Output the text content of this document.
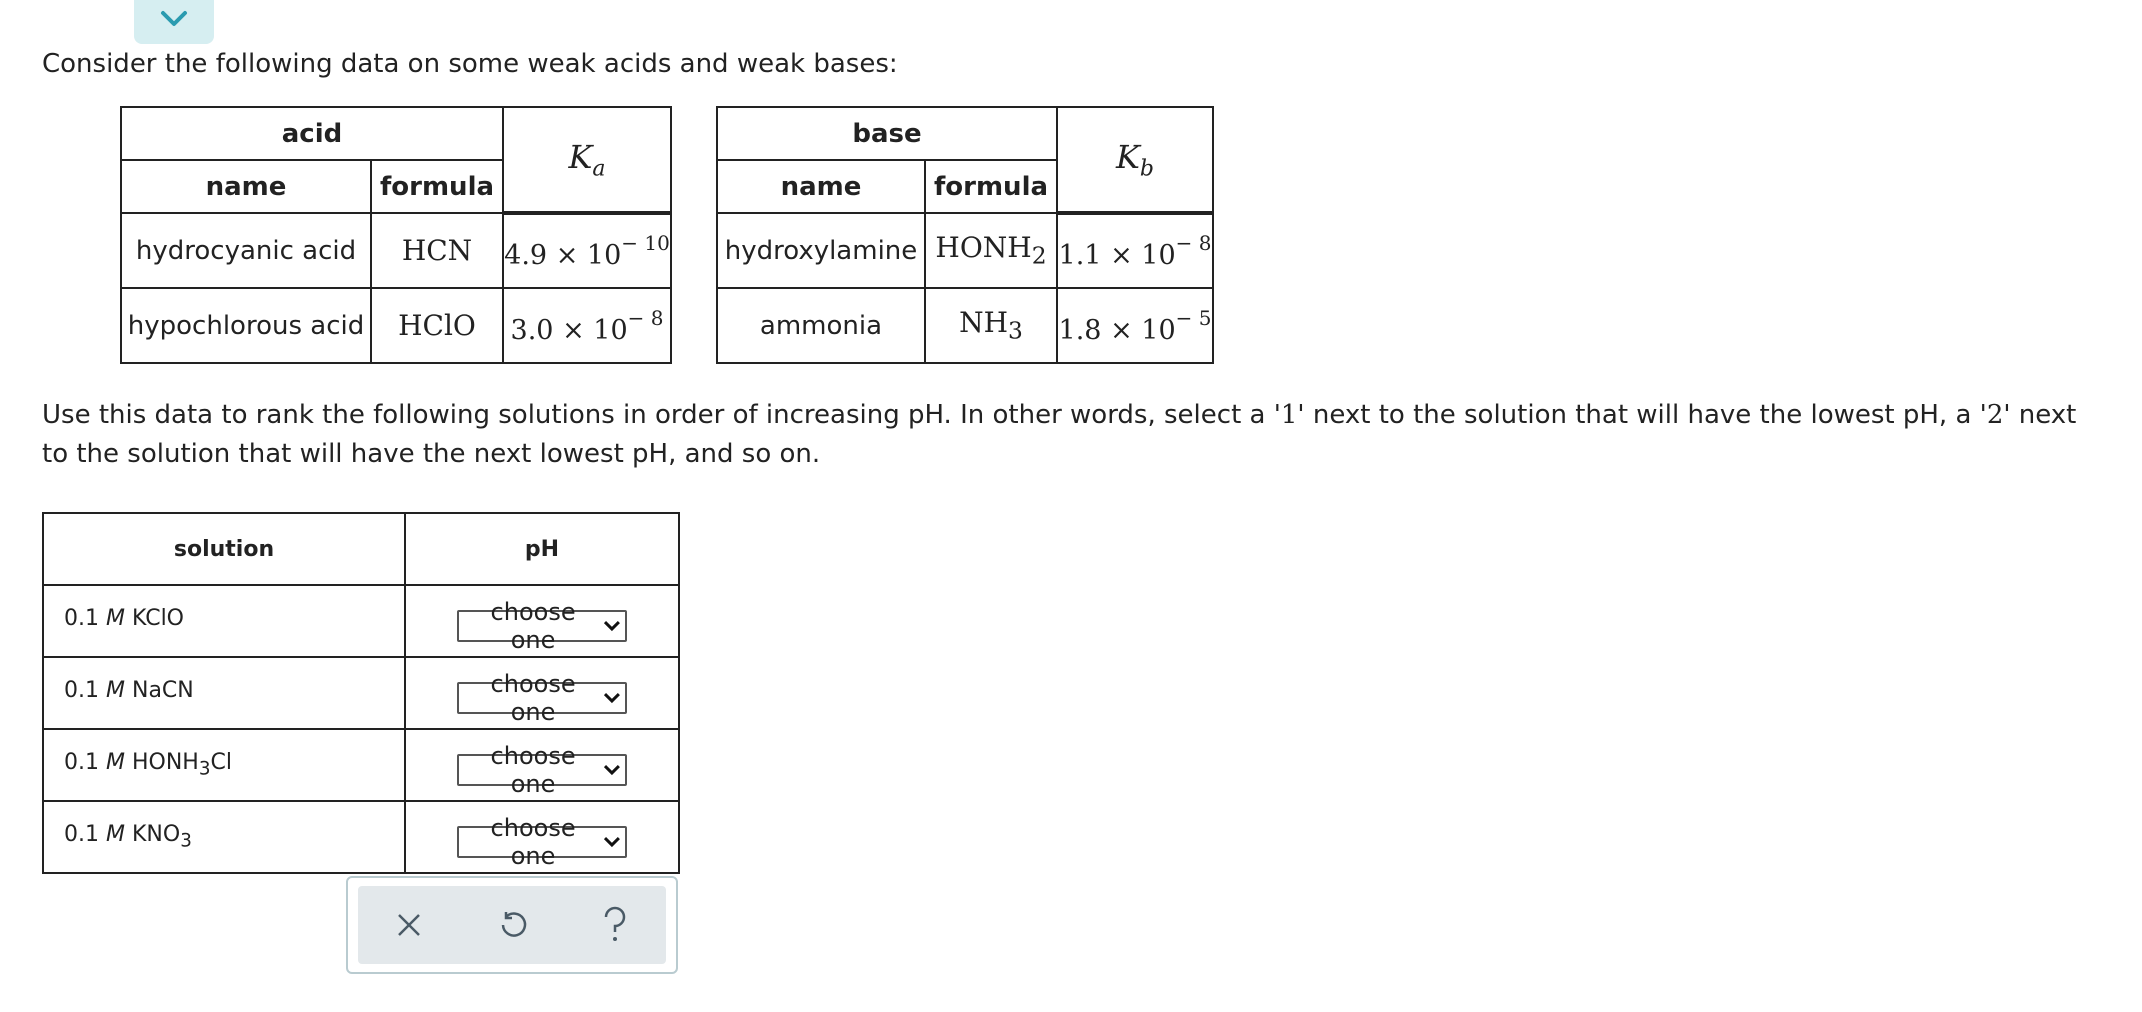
Consider the following data on some weak acids and weak bases:

acid		$K_a$
name	formula	
hydrocyanic acid	HCN	$4.9 \times 10^{- 10}$
hypochlorous acid	HClO	$3.0 \times 10^{- 8}$
base		$K_b$
name	formula	
hydroxylamine	$HONH_2$	$1.1 \times 10^{- 8}$
ammonia	$NH_3$	$1.8 \times 10^{- 5}$

Use this data to rank the following solutions in order of increasing pH. In other words, select a '1' next to the solution that will have the lowest pH, a '2' next to the solution that will have the next lowest pH, and so on.

solution	pH
0.1 M KClO	choose one

0.1 M NaCN	choose one

0.1 M $HONH_3Cl$	choose one

0.1 M $KNO_3$	choose one
